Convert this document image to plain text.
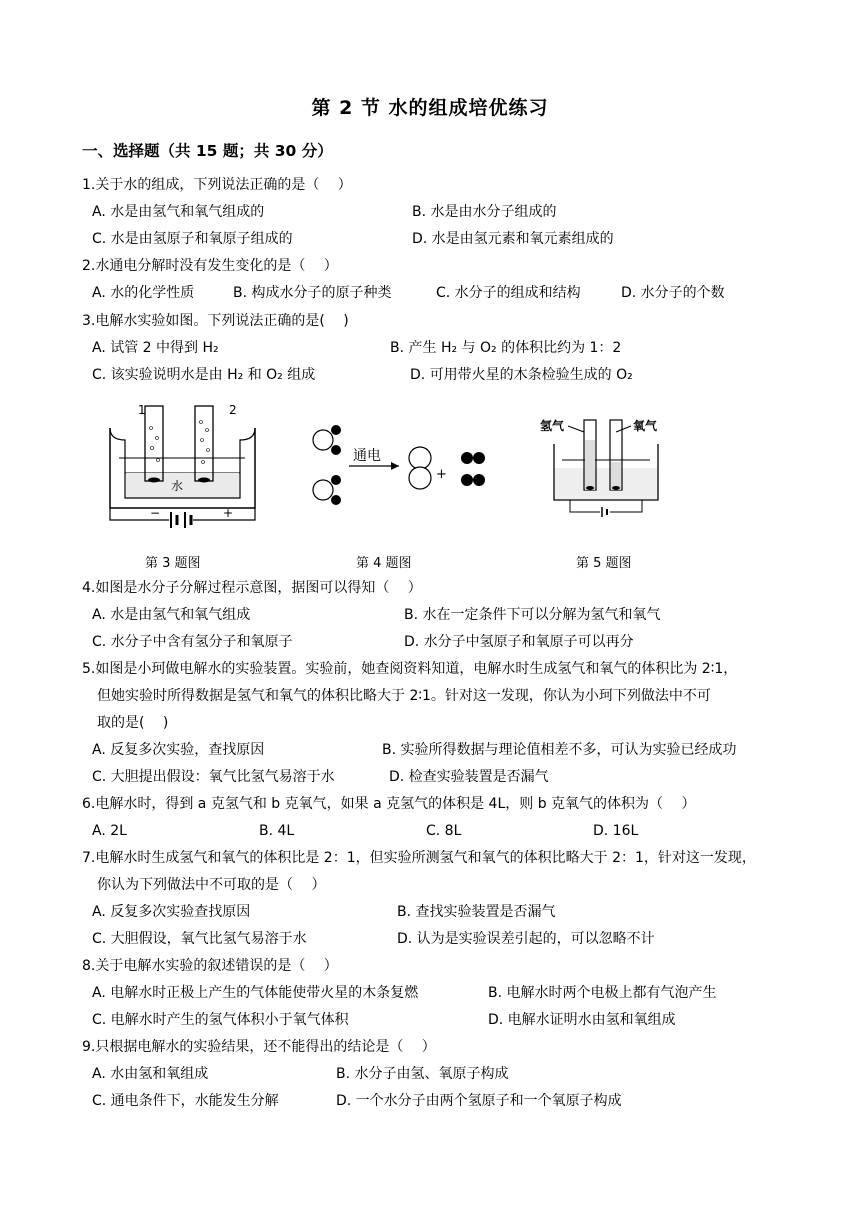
第 2 节 水的组成培优练习
一、选择题（共 15 题；共 30 分）
1.关于水的组成，下列说法正确的是（　 ）
A. 水是由氢气和氧气组成的	B. 水是由水分子组成的
C. 水是由氢原子和氧原子组成的	D. 水是由氢元素和氧元素组成的
2.水通电分解时没有发生变化的是（　 ）
A. 水的化学性质	B. 构成水分子的原子种类	C. 水分子的组成和结构	D. 水分子的个数
3.电解水实验如图。下列说法正确的是(　 )
A. 试管 2 中得到 H₂	B. 产生 H₂ 与 O₂ 的体积比约为 1：2
C. 该实验说明水是由 H₂ 和 O₂ 组成	D. 可用带火星的木条检验生成的 O₂
1	2
水
−	+
通电
+
氢气	氧气
第 3 题图	第 4 题图	第 5 题图
4.如图是水分子分解过程示意图，据图可以得知（　 ）
A. 水是由氢气和氧气组成	B. 水在一定条件下可以分解为氢气和氧气
C. 水分子中含有氢分子和氧原子	D. 水分子中氢原子和氧原子可以再分
5.如图是小珂做电解水的实验装置。实验前，她查阅资料知道，电解水时生成氢气和氧气的体积比为 2∶1，
但她实验时所得数据是氢气和氧气的体积比略大于 2∶1。针对这一发现，你认为小珂下列做法中不可
取的是(　 )
A. 反复多次实验，查找原因	B. 实验所得数据与理论值相差不多，可认为实验已经成功
C. 大胆提出假设：氧气比氢气易溶于水	D. 检查实验装置是否漏气
6.电解水时，得到 a 克氢气和 b 克氧气，如果 a 克氢气的体积是 4L，则 b 克氧气的体积为（　 ）
A. 2L	B. 4L	C. 8L	D. 16L
7.电解水时生成氢气和氧气的体积比是 2：1，但实验所测氢气和氧气的体积比略大于 2：1，针对这一发现，
你认为下列做法中不可取的是（　 ）
A. 反复多次实验查找原因	B. 查找实验装置是否漏气
C. 大胆假设，氧气比氢气易溶于水	D. 认为是实验误差引起的，可以忽略不计
8.关于电解水实验的叙述错误的是（　 ）
A. 电解水时正极上产生的气体能使带火星的木条复燃	B. 电解水时两个电极上都有气泡产生
C. 电解水时产生的氢气体积小于氧气体积	D. 电解水证明水由氢和氧组成
9.只根据电解水的实验结果，还不能得出的结论是（　 ）
A. 水由氢和氧组成	B. 水分子由氢、氧原子构成
C. 通电条件下，水能发生分解	D. 一个水分子由两个氢原子和一个氧原子构成
